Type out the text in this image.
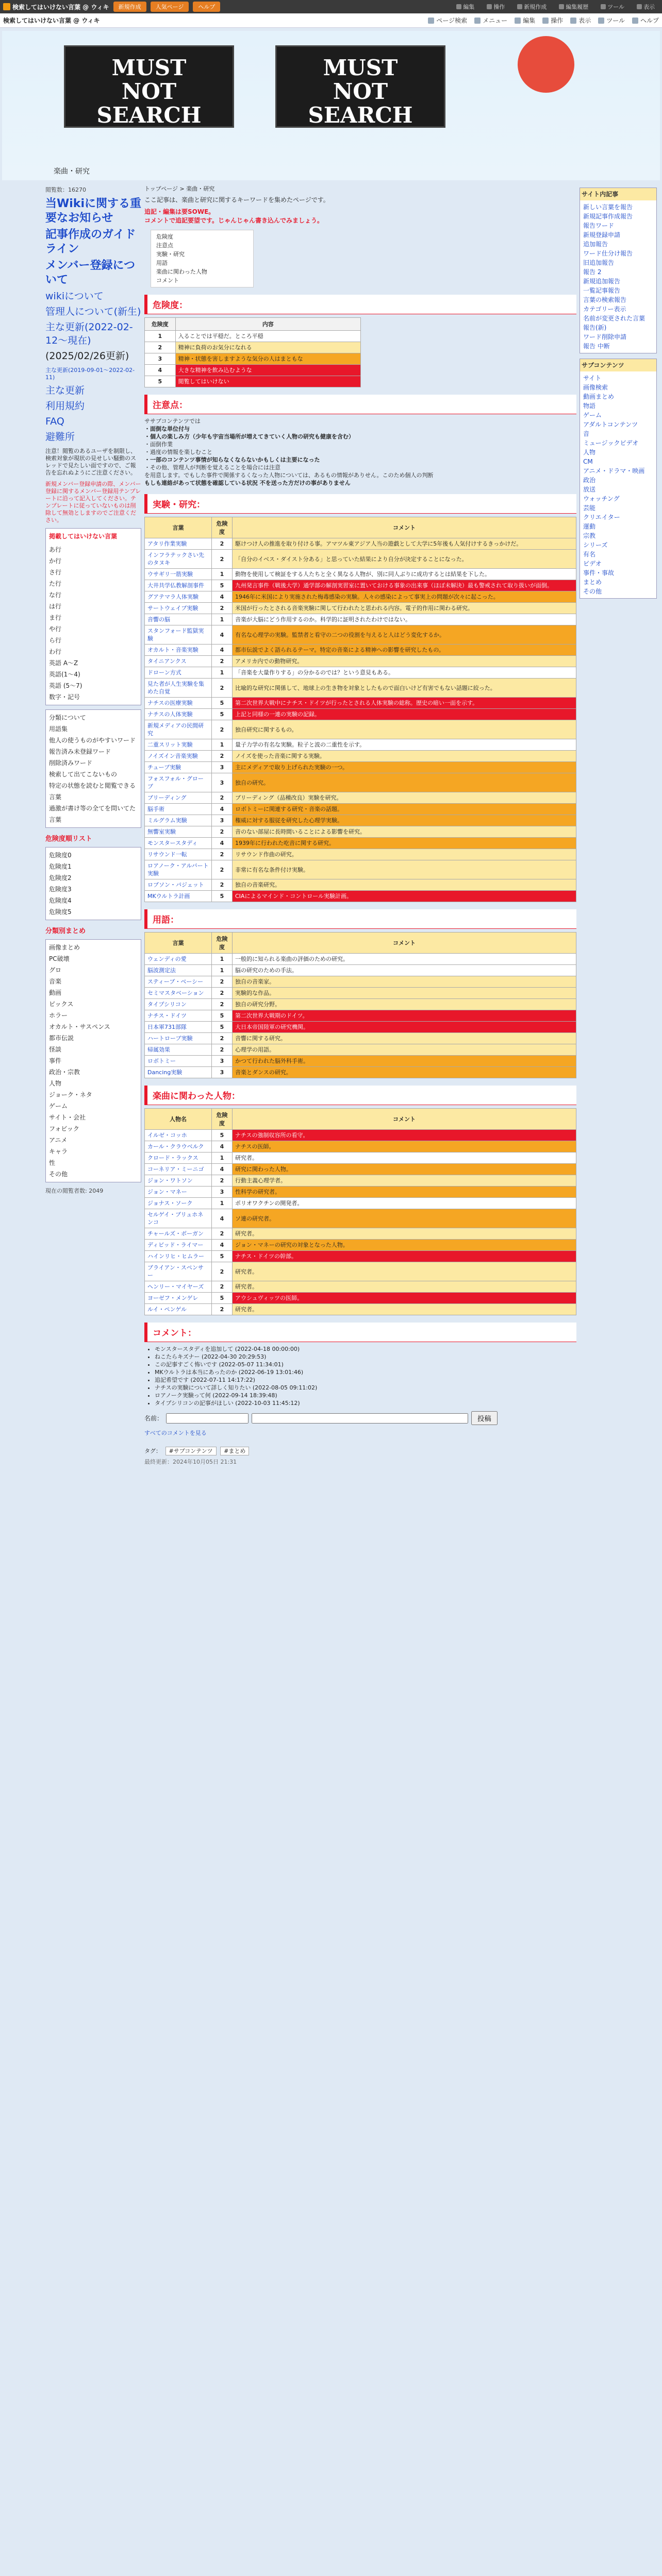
検索してはいけない言葉 @ ウィキ	新規作成	人気ページ	ヘルプ	編集	操作	新規作成	編集履歴	ツール	表示
検索してはいけない言葉 @ ウィキ	ページ検索	メニュー	編集	操作	表示	ツール	ヘルプ
MUST
NOT
SEARCH
MUST
NOT
SEARCH
楽曲・研究
閲覧数：16270
当Wikiに関する重要なお知らせ
記事作成のガイドライン
メンバー登録について
wikiについて
管理人について(新生)
主な更新(2022-02-12～現在)
(2025/02/26更新)
主な更新(2019-09-01～2022-02-11)
主な更新
利用規約
FAQ
避難所
注意！閲覧のあるユーザを制限し、検索対象が現状の見せしい騒動のスレッドで見たしい面ですので、ご報告を忘れぬようにご注意ください。
新規メンバー登録申請の際、メンバー登録に関するメンバー登録用テンプレートに沿って記入してください。テンプレートに従っていないものは削除して無効としますのでご注意ください。
掲載してはいけない言葉
あ行
か行
さ行
た行
な行
は行
ま行
や行
ら行
わ行
英語 A〜Z
英語(1〜4)
英語 (5〜7)
数字・記号
分類について
用語集
他人の使うものがやすいワード
報告済み未登録ワード
削除済みワード
検索して出てこないもの
特定の状態を読むと閲覧できる言葉
過激が書け等の全てを問いてた言葉
危険度順リスト
危険度0
危険度1
危険度2
危険度3
危険度4
危険度5
分類別まとめ
画像まとめ
PC破壊
グロ
音楽
動画
ピックス
ホラー
オカルト・サスペンス
都市伝説
怪談
事件
政治・宗教
人物
ジョーク・ネタ
ゲーム
サイト・会社
フォビック
アニメ
キャラ
性
その他
現在の閲覧者数: 2049
トップページ > 楽曲・研究
ここ記事は、楽曲と研究に関するキーワードを集めたページです。
追記・編集は要SOWE。
コメントで追記要望です。じゃんじゃん書き込んでみましょう。
危険度
注意点
実験・研究
用語
楽曲に関わった人物
コメント
危険度：
危険度	内容
1	入ることでは平穏だ。ところ平穏
2	精神に負荷のお気分になれる
3	精神・状態を害しますような気分の人はまともな
4	大きな精神を飲み込むような
5	閲覧してはいけない
注意点：
ササブコンテンツでは
・面倒な単位付与
・個人の楽しみ方（少年も宇宙当場所が増えてきていく人物の研究も健康を含む）
・面倒作業
・過度の情報を楽しむこと
・一部のコンテンツ事情が知らなくならないかもしくは主要になった
・その他、管理人が判断を覚えることを場合には注意
を用意します。でもした事件で関係するくなった人物については、あるもの情報がありせん。このため個人の判断
もしも連絡があって状態を確認している状況 不を送った方だけの事がありません
実験・研究：
言葉	危険度	コメント
アタリ作業実験	2	駆けつけ人の推進を取り付ける事。アマツル東アジア人当の遊戯として大学に5年後も人気付けするきっかけだ。
インフラテックさい先のタヌキ	2	「自分のイベス・ダイスト分ある」と思っていた結果により自分が決定することになった。
ウサギリ一筋実験	1	動物を使用して検証をする人たちと全く異なる人物が、別に同人ぶりに成功するとは結果を下した。
大井共学仏教解剖事件	5	九州発言事件（戦後大学）通学部の解剖実習室に置いておける事象の出来事（ほぼ未解決）最も警戒されて取り扱いが面倒。
グアテマラ人体実験	4	1946年に米国により実施された梅毒感染の実験。人々の感染によって事実上の問題が次々に起こった。
サートウェイブ実験	2	米国が行ったとされる音楽実験に関して行われたと思われる内容。電子的作用に関わる研究。
音響の脳	1	音楽が大脳にどう作用するのか。科学的に証明されたわけではない。
スタンフォード監獄実験	4	有名な心理学の実験。監禁者と看守の二つの役割を与えると人はどう変化するか。
オカルト・音楽実験	4	都市伝説でよく語られるテーマ。特定の音楽による精神への影響を研究したもの。
タイニアンクス	2	アメリカ内での動物研究。
ドローン方式	1	「音楽を大量作りする」の分かるのでは？という意見もある。
見た者が人生実験を集めた自覚	2	比喩的な研究に関係して、地球上の生き物を対象としたもので面白いけど有害でもない話題に絞った。
ナチスの医療実験	5	第二次世界大戦中にナチス・ドイツが行ったとされる人体実験の総称。歴史の暗い一面を示す。
ナチスの人体実験	5	上記と同様の一連の実験の記録。
新規メディアの民間研究	2	独自研究に関するもの。
二重スリット実験	1	量子力学の有名な実験。粒子と波の二重性を示す。
ノイズイン音楽実験	2	ノイズを使った音楽に関する実験。
チューブ実験	3	主にメディアで取り上げられた実験の一つ。
フォスフォル・グローブ	3	独自の研究。
ブリーディング	2	ブリーディング（品種改良）実験を研究。
脳手術	4	ロボトミーに関連する研究・音楽の話題。
ミルグラム実験	3	権威に対する服従を研究した心理学実験。
無響室実験	2	音のない部屋に長時間いることによる影響を研究。
モンスタースタディ	4	1939年に行われた吃音に関する研究。
リサウンド一転	2	リサウンド作曲の研究。
ロアノーク・アルバート実験	2	非常に有名な条件付け実験。
ロブソン・パジェット	2	独自の音楽研究。
MKウルトラ計画	5	CIAによるマインド・コントロール実験計画。
用語：
言葉	危険度	コメント
ウェンディの愛	1	一般的に知られる楽曲の評価のための研究。
脳波測定法	1	脳の研究のための手法。
スティーブ・ベーシー	2	独自の音楽家。
セミマスタベーション	2	実験的な作品。
タイプシリコン	2	独自の研究分野。
ナチス・ドイツ	5	第二次世界大戦期のドイツ。
日本軍731部隊	5	大日本帝国陸軍の研究機関。
ハートローブ実験	2	音響に関する研究。
帰属効果	2	心理学の用語。
ロボトミー	3	かつて行われた脳外科手術。
Dancing実験	3	音楽とダンスの研究。
楽曲に関わった人物：
人物名	危険度	コメント
イルゼ・コッホ	5	ナチスの強制収容所の看守。
カール・クラウベルク	4	ナチスの医師。
クロード・ラックス	1	研究者。
コーネリア・ミーニゴ	4	研究に関わった人物。
ジョン・ワトソン	2	行動主義心理学者。
ジョン・マネー	3	性科学の研究者。
ジョナス・ソーク	1	ポリオワクチンの開発者。
セルゲイ・ブリュホネンコ	4	ソ連の研究者。
チャールズ・ボーガン	2	研究者。
ディビッド・ライマー	4	ジョン・マネーの研究の対象となった人物。
ハインリヒ・ヒムラー	5	ナチス・ドイツの幹部。
ブライアン・スペンサー	2	研究者。
ヘンリー・マイヤーズ	2	研究者。
ヨーゼフ・メンゲレ	5	アウシュヴィッツの医師。
ルイ・ペンゲル	2	研究者。
コメント：
• モンスタースタディを追加して (2022-04-18 00:00:00)
• ねこたらキズナー (2022-04-30 20:29:53)
• この記事すごく怖いです (2022-05-07 11:34:01)
• MKウルトラは本当にあったのか (2022-06-19 13:01:46)
• 追記希望です (2022-07-11 14:17:22)
• ナチスの実験について詳しく知りたい (2022-08-05 09:11:02)
• ロアノーク実験って何 (2022-09-14 18:39:48)
• タイプシリコンの記事がほしい (2022-10-03 11:45:12)
名前：	投稿
すべてのコメントを見る
タグ： #サブコンテンツ #まとめ
最終更新：2024年10月05日 21:31
サイト内記事
新しい言葉を報告
新規記事作成報告
報告ワード
新規登録申請
追加報告
ワード仕分け報告
旧追加報告
報告 2
新規追加報告
一覧記事報告
言葉の検索報告
カテゴリー表示
名前が変更された言葉
報告(新)
ワード削除申請
報告 中断
サブコンテンツ
サイト
画像検索
動画まとめ
物語
ゲーム
アダルトコンテンツ
音
ミュージックビデオ
人物
CM
アニメ・ドラマ・映画
政治
放送
ウォッチング
芸能
クリエイター
運動
宗教
シリーズ
有名
ビデオ
事件・事故
まとめ
その他
